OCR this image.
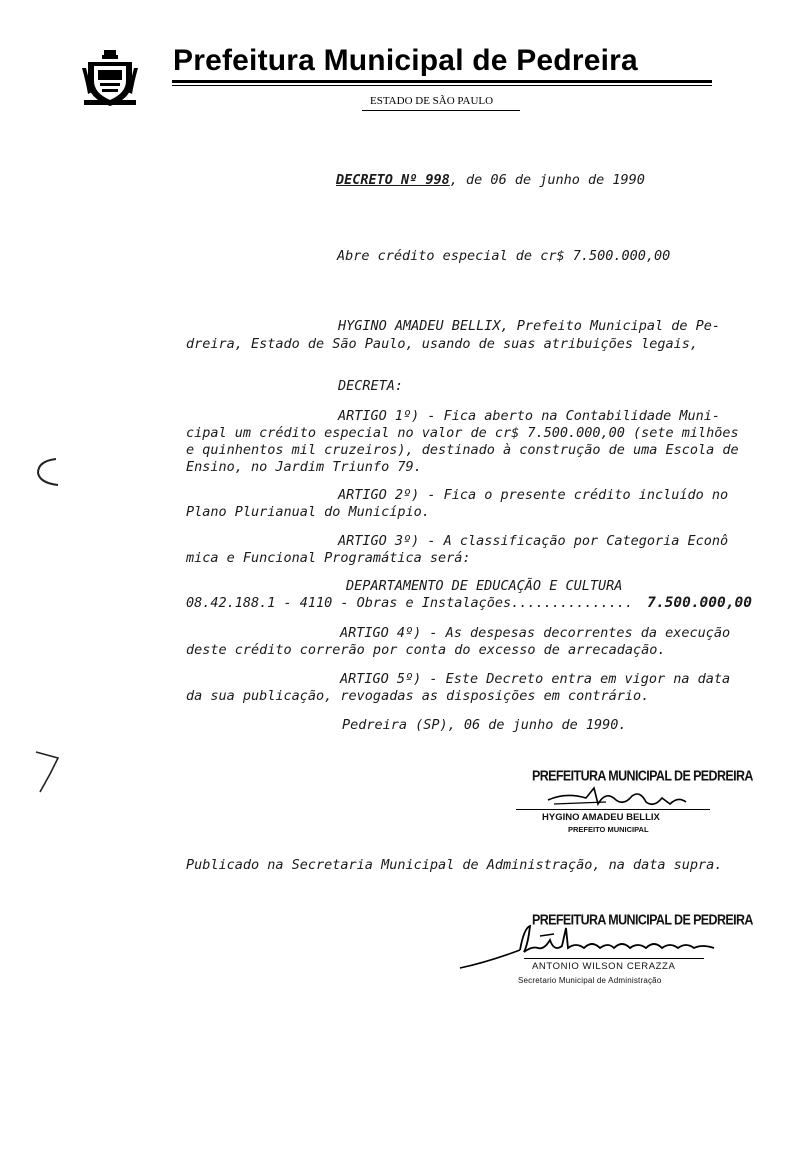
Prefeitura Municipal de Pedreira
ESTADO DE SÃO PAULO
DECRETO Nº 998, de 06 de junho de 1990
Abre crédito especial de cr$ 7.500.000,00
HYGINO AMADEU BELLIX, Prefeito Municipal de Pe-
dreira, Estado de São Paulo, usando de suas atribuições legais,
DECRETA:
ARTIGO 1º) - Fica aberto na Contabilidade Muni-
cipal um crédito especial no valor de cr$ 7.500.000,00 (sete milhões
e quinhentos mil cruzeiros), destinado à construção de uma Escola de
Ensino, no Jardim Triunfo 79.
ARTIGO 2º) - Fica o presente crédito incluído no
Plano Plurianual do Município.
ARTIGO 3º) - A classificação por Categoria Econô
mica e Funcional Programática será:
DEPARTAMENTO DE EDUCAÇÃO E CULTURA
08.42.188.1 - 4110 - Obras e Instalações............... 7.500.000,00
ARTIGO 4º) - As despesas decorrentes da execução
deste crédito correrão por conta do excesso de arrecadação.
ARTIGO 5º) - Este Decreto entra em vigor na data
da sua publicação, revogadas as disposições em contrário.
Pedreira (SP), 06 de junho de 1990.
PREFEITURA MUNICIPAL DE PEDREIRA
HYGINO AMADEU BELLIX
PREFEITO MUNICIPAL
Publicado na Secretaria Municipal de Administração, na data supra.
PREFEITURA MUNICIPAL DE PEDREIRA
ANTONIO WILSON CERAZZA
Secretario Municipal de Administração
